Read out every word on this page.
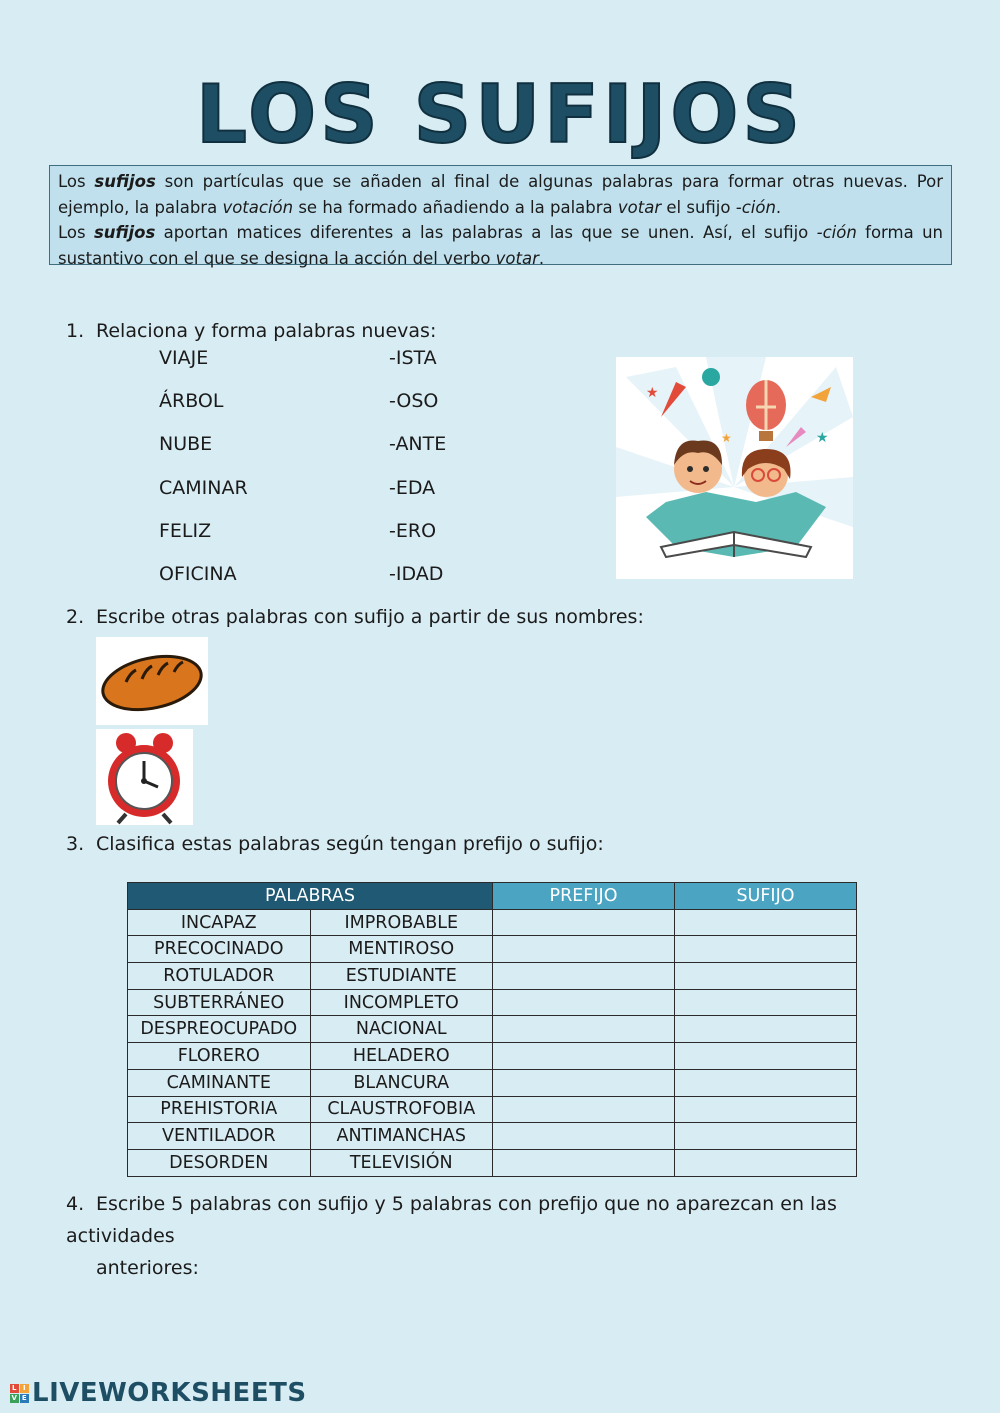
LOS SUFIJOS

Los sufijos son partículas que se añaden al final de algunas palabras para formar otras nuevas. Por ejemplo, la palabra votación se ha formado añadiendo a la palabra votar el sufijo -ción.

Los sufijos aportan matices diferentes a las palabras a las que se unen. Así, el sufijo -ción forma un sustantivo con el que se designa la acción del verbo votar.

1. Relaciona y forma palabras nuevas:
VIAJE	-ISTA
ÁRBOL	-OSO
NUBE	-ANTE
CAMINAR	-EDA
FELIZ	-ERO
OFICINA	-IDAD
★
★
★
2. Escribe otras palabras con sufijo a partir de sus nombres:
3. Clasifica estas palabras según tengan prefijo o sufijo:
PALABRAS		PREFIJO	SUFIJO
INCAPAZ	IMPROBABLE		
PRECOCINADO	MENTIROSO		
ROTULADOR	ESTUDIANTE		
SUBTERRÁNEO	INCOMPLETO		
DESPREOCUPADO	NACIONAL		
FLORERO	HELADERO		
CAMINANTE	BLANCURA		
PREHISTORIA	CLAUSTROFOBIA		
VENTILADOR	ANTIMANCHAS		
DESORDEN	TELEVISIÓN		
4. Escribe 5 palabras con sufijo y 5 palabras con prefijo que no aparezcan en las actividades
anteriores:
L I
V E LIVEWORKSHEETS
